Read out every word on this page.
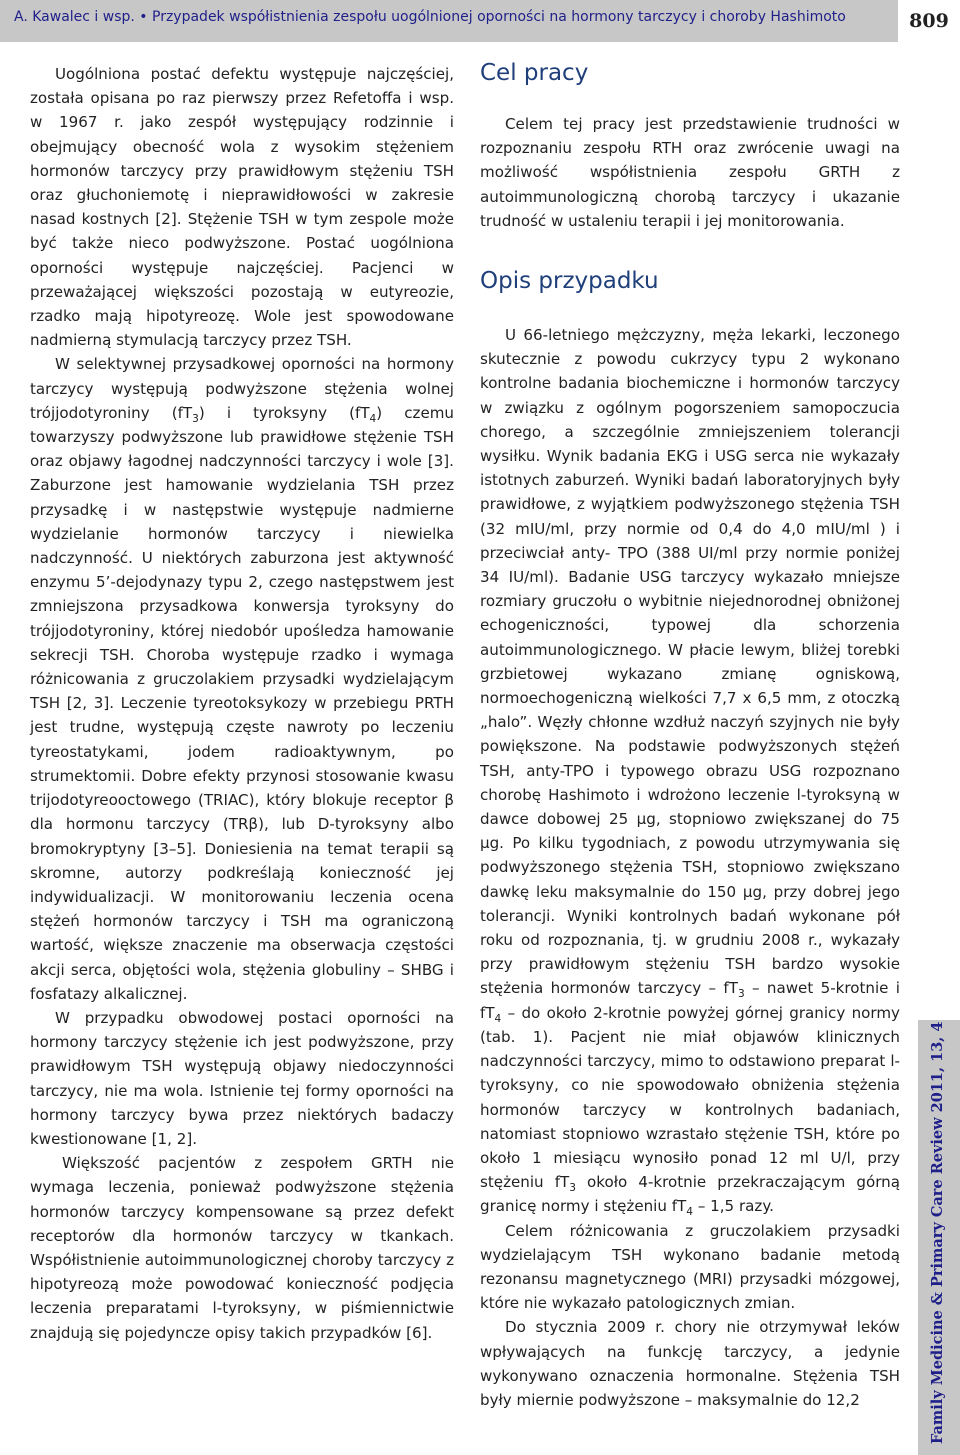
A. Kawalec i wsp. • Przypadek współistnienia zespołu uogólnionej oporności na hormony tarczycy i choroby Hashimoto	809

Uogólniona postać defektu występuje najczęściej, została opisana po raz pierwszy przez Refetoffa i wsp. w 1967 r. jako zespół występujący rodzinnie i obejmujący obecność wola z wysokim stężeniem hormonów tarczycy przy prawidłowym stężeniu TSH oraz głuchoniemotę i nieprawidłowości w zakresie nasad kostnych [2]. Stężenie TSH w tym zespole może być także nieco podwyższone. Postać uogólniona oporności występuje najczęściej. Pacjenci w przeważającej większości pozostają w eutyreozie, rzadko mają hipotyreozę. Wole jest spowodowane nadmierną stymulacją tarczycy przez TSH.

W selektywnej przysadkowej oporności na hormony tarczycy występują podwyższone stężenia wolnej trójjodotyroniny $(fT_3)$ i tyroksyny $(fT_4)$ czemu towarzyszy podwyższone lub prawidłowe stężenie TSH oraz objawy łagodnej nadczynności tarczycy i wole [3]. Zaburzone jest hamowanie wydzielania TSH przez przysadkę i w następstwie występuje nadmierne wydzielanie hormonów tarczycy i niewielka nadczynność. U niektórych zaburzona jest aktywność enzymu 5’-dejodynazy typu 2, czego następstwem jest zmniejszona przysadkowa konwersja tyroksyny do trójjodotyroniny, której niedobór upośledza hamowanie sekrecji TSH. Choroba występuje rzadko i wymaga różnicowania z gruczolakiem przysadki wydzielającym TSH [2, 3]. Leczenie tyreotoksykozy w przebiegu PRTH jest trudne, występują częste nawroty po leczeniu tyreostatykami, jodem radioaktywnym, po strumektomii. Dobre efekty przynosi stosowanie kwasu trijodotyreooctowego (TRIAC), który blokuje receptor β dla hormonu tarczycy (TRβ), lub D-tyroksyny albo bromokryptyny [3–5]. Doniesienia na temat terapii są skromne, autorzy podkreślają konieczność jej indywidualizacji. W monitorowaniu leczenia ocena stężeń hormonów tarczycy i TSH ma ograniczoną wartość, większe znaczenie ma obserwacja częstości akcji serca, objętości wola, stężenia globuliny – SHBG i fosfatazy alkalicznej.

W przypadku obwodowej postaci oporności na hormony tarczycy stężenie ich jest podwyższone, przy prawidłowym TSH występują objawy niedoczynności tarczycy, nie ma wola. Istnienie tej formy oporności na hormony tarczycy bywa przez niektórych badaczy kwestionowane [1, 2].

Większość pacjentów z zespołem GRTH nie wymaga leczenia, ponieważ podwyższone stężenia hormonów tarczycy kompensowane są przez defekt receptorów dla hormonów tarczycy w tkankach. Współistnienie autoimmunologicznej choroby tarczycy z hipotyreozą może powodować konieczność podjęcia leczenia preparatami l-tyroksyny, w piśmiennictwie znajdują się pojedyncze opisy takich przypadków [6].

Cel pracy

Celem tej pracy jest przedstawienie trudności w rozpoznaniu zespołu RTH oraz zwrócenie uwagi na możliwość współistnienia zespołu GRTH z autoimmunologiczną chorobą tarczycy i ukazanie trudność w ustaleniu terapii i jej monitorowania.

Opis przypadku

U 66-letniego mężczyzny, męża lekarki, leczonego skutecznie z powodu cukrzycy typu 2 wykonano kontrolne badania biochemiczne i hormonów tarczycy w związku z ogólnym pogorszeniem samopoczucia chorego, a szczególnie zmniejszeniem tolerancji wysiłku. Wynik badania EKG i USG serca nie wykazały istotnych zaburzeń. Wyniki badań laboratoryjnych były prawidłowe, z wyjątkiem podwyższonego stężenia TSH (32 mIU/ml, przy normie od 0,4 do 4,0 mIU/ml ) i przeciwciał anty- TPO (388 UI/ml przy normie poniżej 34 IU/ml). Badanie USG tarczycy wykazało mniejsze rozmiary gruczołu o wybitnie niejednorodnej obniżonej echogeniczności, typowej dla schorzenia autoimmunologicznego. W płacie lewym, bliżej torebki grzbietowej wykazano zmianę ogniskową, normoechogeniczną wielkości 7,7 x 6,5 mm, z otoczką „halo”. Węzły chłonne wzdłuż naczyń szyjnych nie były powiększone. Na podstawie podwyższonych stężeń TSH, anty-TPO i typowego obrazu USG rozpoznano chorobę Hashimoto i wdrożono leczenie l-tyroksyną w dawce dobowej 25 μg, stopniowo zwiększanej do 75 μg. Po kilku tygodniach, z powodu utrzymywania się podwyższonego stężenia TSH, stopniowo zwiększano dawkę leku maksymalnie do 150 μg, przy dobrej jego tolerancji. Wyniki kontrolnych badań wykonane pół roku od rozpoznania, tj. w grudniu 2008 r., wykazały przy prawidłowym stężeniu TSH bardzo wysokie stężenia hormonów tarczycy – $fT_3$ – nawet 5-krotnie i $fT_4$ – do około 2-krotnie powyżej górnej granicy normy (tab. 1). Pacjent nie miał objawów klinicznych nadczynności tarczycy, mimo to odstawiono preparat l-tyroksyny, co nie spowodowało obniżenia stężenia hormonów tarczycy w kontrolnych badaniach, natomiast stopniowo wzrastało stężenie TSH, które po około 1 miesiącu wynosiło ponad 12 ml U/l, przy stężeniu $fT_3$ około 4-krotnie przekraczającym górną granicę normy i stężeniu $fT_4 - 1,5$ razy.

Celem różnicowania z gruczolakiem przysadki wydzielającym TSH wykonano badanie metodą rezonansu magnetycznego (MRI) przysadki mózgowej, które nie wykazało patologicznych zmian.

Do stycznia 2009 r. chory nie otrzymywał leków wpływających na funkcję tarczycy, a jedynie wykonywano oznaczenia hormonalne. Stężenia TSH były miernie podwyższone – maksymalnie do 12,2	Family Medicine & Primary Care Review 2011, 13, 4
